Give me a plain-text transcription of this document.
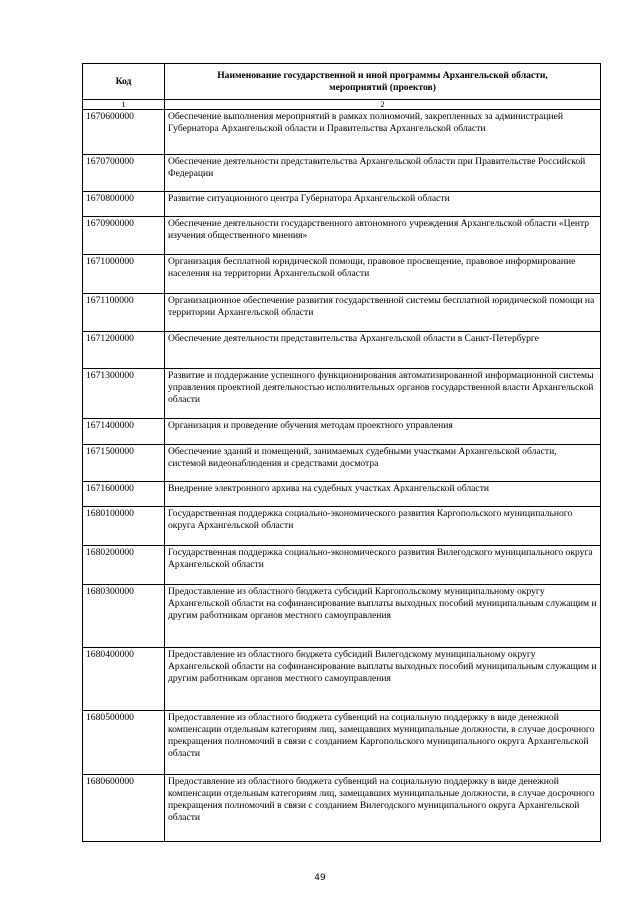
Код	Наименование государственной и иной программы Архангельской области,
мероприятий (проектов)
1	2
1670600000	Обеспечение выполнения мероприятий в рамках полномочий, закрепленных за администрацией Губернатора Архангельской области и Правительства Архангельской области
1670700000	Обеспечение деятельности представительства Архангельской области при Правительстве Российской Федерации
1670800000	Развитие ситуационного центра Губернатора Архангельской области
1670900000	Обеспечение деятельности государственного автономного учреждения Архангельской области «Центр изучения общественного мнения»
1671000000	Организация бесплатной юридической помощи, правовое просвещение, правовое информирование населения на территории Архангельской области
1671100000	Организационное обеспечение развития государственной системы бесплатной юридической помощи на территории Архангельской области
1671200000	Обеспечение деятельности представительства Архангельской области в Санкт-Петербурге
1671300000	Развитие и поддержание успешного функционирования автоматизированной информационной системы управления проектной деятельностью исполнительных органов государственной власти Архангельской области
1671400000	Организация и проведение обучения методам проектного управления
1671500000	Обеспечение зданий и помещений, занимаемых судебными участками Архангельской области, системой видеонаблюдения и средствами досмотра
1671600000	Внедрение электронного архива на судебных участках Архангельской области
1680100000	Государственная поддержка социально-экономического развития Каргопольского муниципального округа Архангельской области
1680200000	Государственная поддержка социально-экономического развития Вилегодского муниципального округа Архангельской области
1680300000	Предоставление из областного бюджета субсидий Каргопольскому муниципальному округу Архангельской области на софинансирование выплаты выходных пособий муниципальным служащим и другим работникам органов местного самоуправления
1680400000	Предоставление из областного бюджета субсидий Вилегодскому муниципальному округу Архангельской области на софинансирование выплаты выходных пособий муниципальным служащим и другим работникам органов местного самоуправления
1680500000	Предоставление из областного бюджета субвенций на социальную поддержку в виде денежной компенсации отдельным категориям лиц, замещавших муниципальные должности, в случае досрочного прекращения полномочий в связи с созданием Каргопольского муниципального округа Архангельской области
1680600000	Предоставление из областного бюджета субвенций на социальную поддержку в виде денежной компенсации отдельным категориям лиц, замещавших муниципальные должности, в случае досрочного прекращения полномочий в связи с созданием Вилегодского муниципального округа Архангельской области
49
